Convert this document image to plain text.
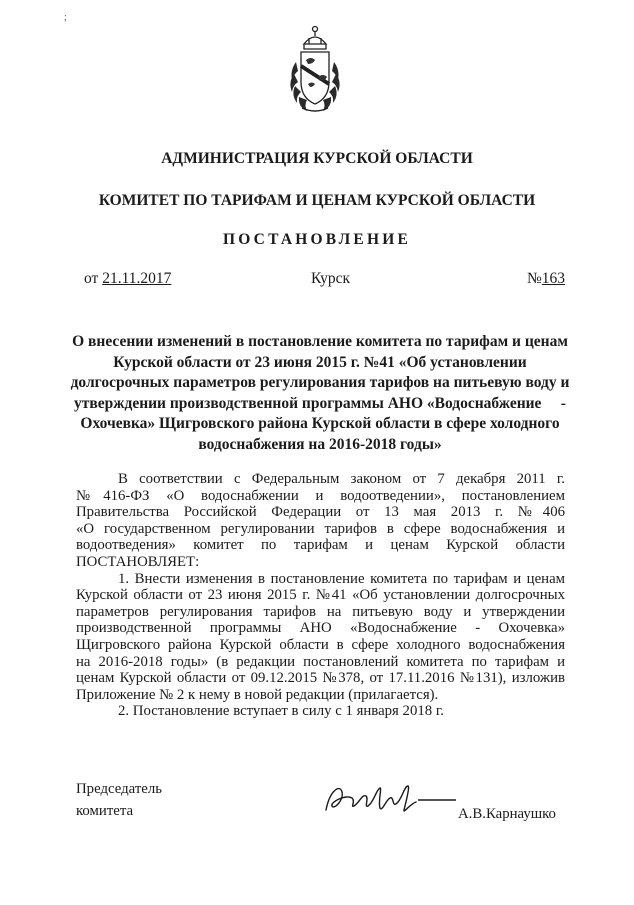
;
АДМИНИСТРАЦИЯ КУРСКОЙ ОБЛАСТИ
КОМИТЕТ ПО ТАРИФАМ И ЦЕНАМ КУРСКОЙ ОБЛАСТИ
ПОСТАНОВЛЕНИЕ
от 21.11.2017	Курск	№163
О внесении изменений в постановление комитета по тарифам и ценам
Курской области от 23 июня 2015 г. №41 «Об установлении
долгосрочных параметров регулирования тарифов на питьевую воду и
утверждении производственной программы АНО «Водоснабжение     -
Охочевка» Щигровского района Курской области в сфере холодного
водоснабжения на 2016-2018 годы»
В соответствии с Федеральным законом от 7 декабря 2011 г.
№416-ФЗ «О водоснабжении и водоотведении», постановлением
Правительства Российской Федерации от 13 мая 2013 г. №406
«О государственном регулировании тарифов в сфере водоснабжения и
водоотведения» комитет по тарифам и ценам Курской области
ПОСТАНОВЛЯЕТ:
1. Внести изменения в постановление комитета по тарифам и ценам
Курской области от 23 июня 2015 г. №41 «Об установлении долгосрочных
параметров регулирования тарифов на питьевую воду и утверждении
производственной программы АНО «Водоснабжение - Охочевка»
Щигровского района Курской области в сфере холодного водоснабжения
на 2016-2018 годы» (в редакции постановлений комитета по тарифам и
ценам Курской области от 09.12.2015 №378, от 17.11.2016 №131), изложив
Приложение № 2 к нему в новой редакции (прилагается).
2. Постановление вступает в силу с 1 января 2018 г.
Председатель
комитета	А.В.Карнаушко
